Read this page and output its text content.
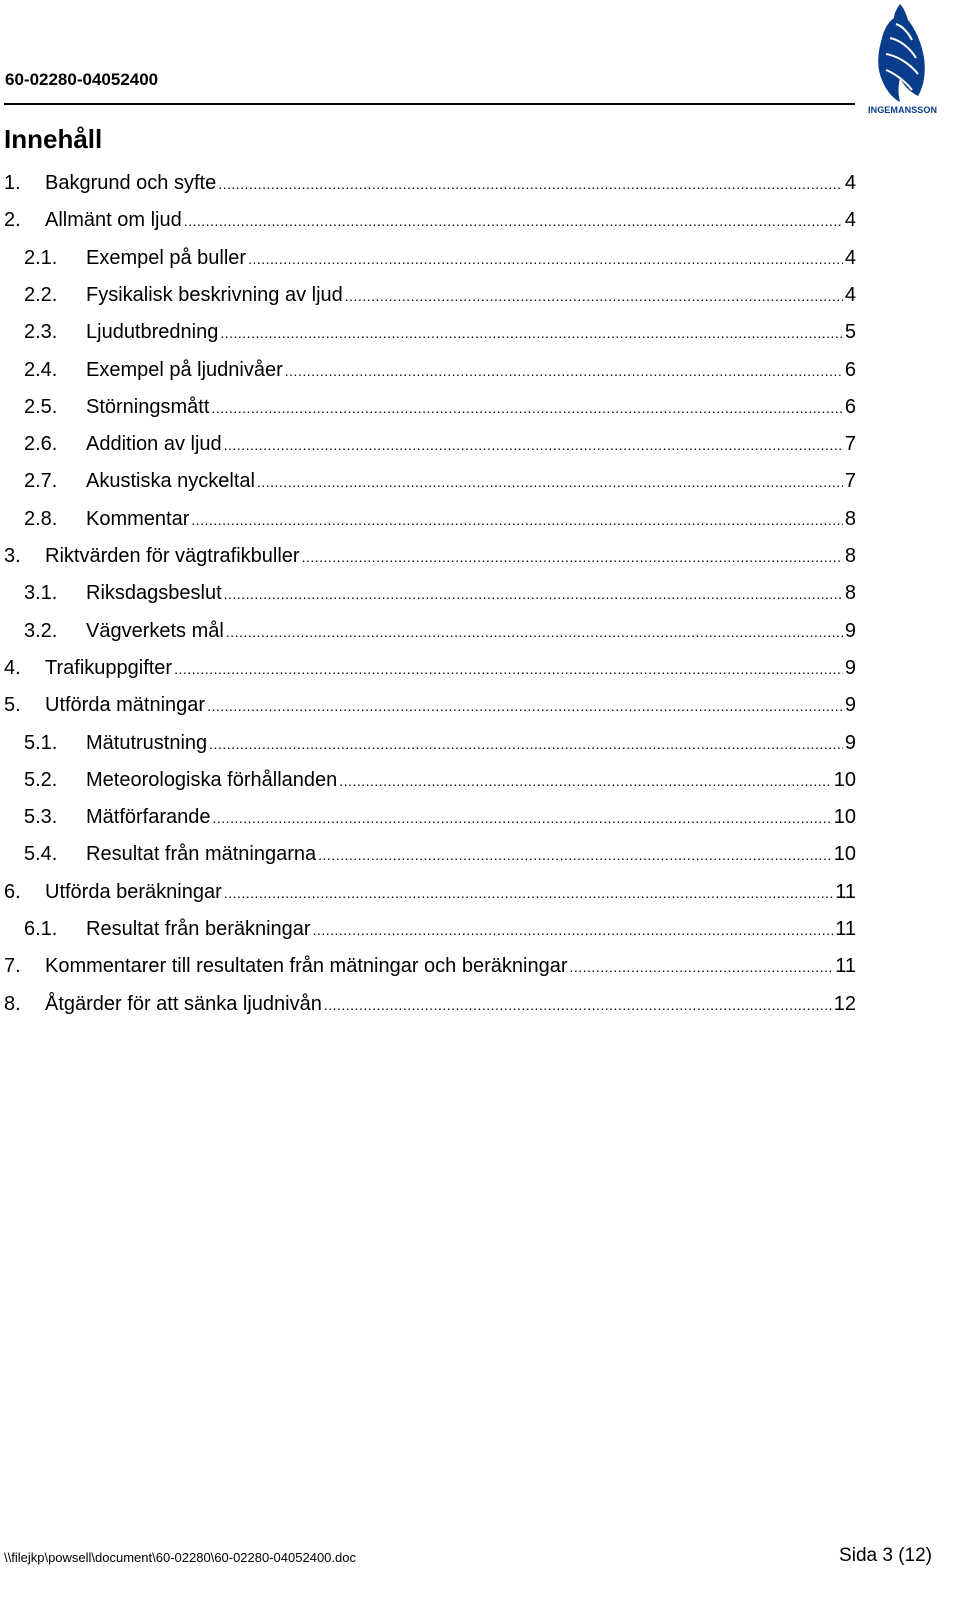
60-02280-04052400
INGEMANSSON
Innehåll
1.	Bakgrund och syfte .....	4
2.	Allmänt om ljud .....	4
2.1.	Exempel på buller .....	4
2.2.	Fysikalisk beskrivning av ljud .....	4
2.3.	Ljudutbredning .....	5
2.4.	Exempel på ljudnivåer .....	6
2.5.	Störningsmått .....	6
2.6.	Addition av ljud .....	7
2.7.	Akustiska nyckeltal .....	7
2.8.	Kommentar .....	8
3.	Riktvärden för vägtrafikbuller .....	8
3.1.	Riksdagsbeslut .....	8
3.2.	Vägverkets mål .....	9
4.	Trafikuppgifter .....	9
5.	Utförda mätningar .....	9
5.1.	Mätutrustning .....	9
5.2.	Meteorologiska förhållanden .....	10
5.3.	Mätförfarande .....	10
5.4.	Resultat från mätningarna .....	10
6.	Utförda beräkningar .....	11
6.1.	Resultat från beräkningar .....	11
7.	Kommentarer till resultaten från mätningar och beräkningar .....	11
8.	Åtgärder för att sänka ljudnivån .....	12
\\filejkp\powsell\document\60-02280\60-02280-04052400.doc	Sida 3 (12)
